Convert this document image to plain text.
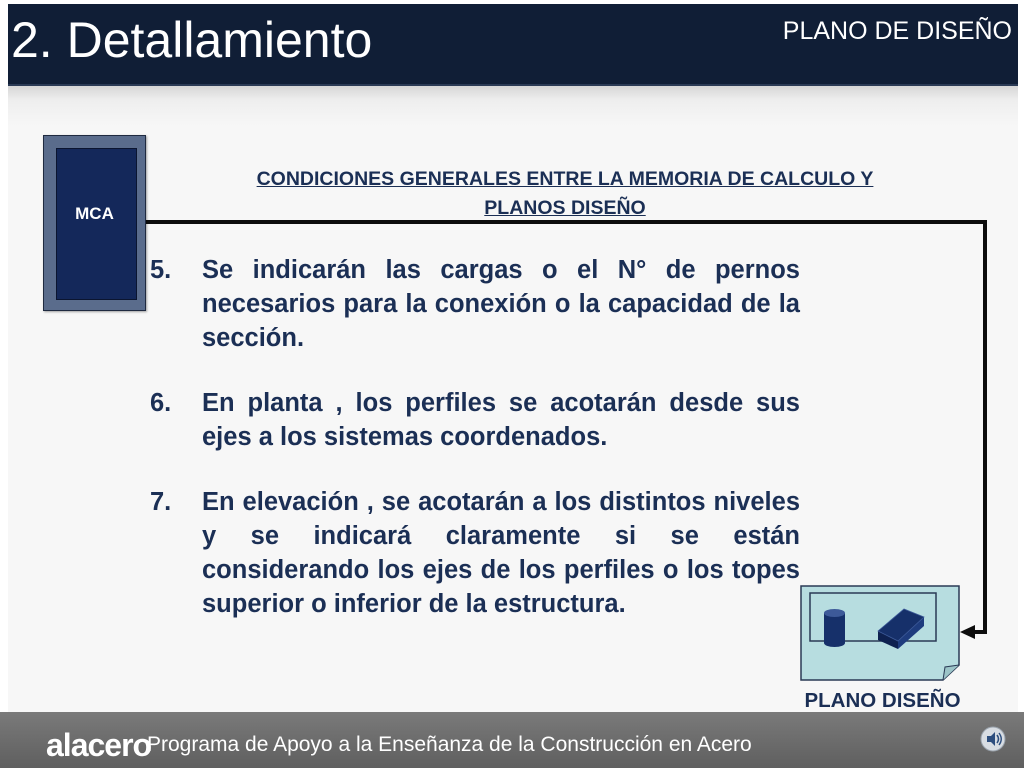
2. Detallamiento	PLANO DE DISEÑO
MCA
CONDICIONES GENERALES ENTRE LA MEMORIA DE CALCULO Y
PLANOS DISEÑO
5. Se indicarán las cargas o el N° de pernos necesarios para la conexión o la capacidad de la sección.
6. En planta , los perfiles se acotarán desde sus ejes a los sistemas coordenados.
7. En elevación , se acotarán a los distintos niveles y se indicará claramente si se están considerando los ejes de los perfiles o los topes superior o inferior de la estructura.
PLANO DISEÑO
alacero
Programa de Apoyo a la Enseñanza de la Construcción en Acero
